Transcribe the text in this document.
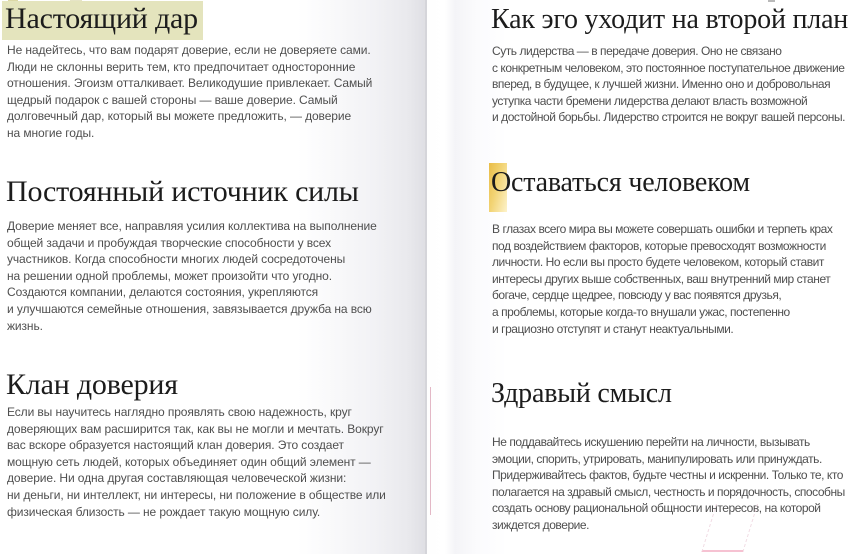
Настоящий дар

Не надейтесь, что вам подарят доверие, если не доверяете сами.
Люди не склонны верить тем, кто предпочитает односторонние
отношения. Эгоизм отталкивает. Великодушие привлекает. Самый
щедрый подарок с вашей стороны — ваше доверие. Самый
долговечный дар, который вы можете предложить, — доверие
на многие годы.

Постоянный источник силы

Доверие меняет все, направляя усилия коллектива на выполнение
общей задачи и пробуждая творческие способности у всех
участников. Когда способности многих людей сосредоточены
на решении одной проблемы, может произойти что угодно.
Создаются компании, делаются состояния, укрепляются
и улучшаются семейные отношения, завязывается дружба на всю
жизнь.

Клан доверия

Если вы научитесь наглядно проявлять свою надежность, круг
доверяющих вам расширится так, как вы не могли и мечтать. Вокруг
вас вскоре образуется настоящий клан доверия. Это создает
мощную сеть людей, которых объединяет один общий элемент —
доверие. Ни одна другая составляющая человеческой жизни:
ни деньги, ни интеллект, ни интересы, ни положение в обществе или
физическая близость — не рождает такую мощную силу.

Как эго уходит на второй план

Суть лидерства — в передаче доверия. Оно не связано
с конкретным человеком, это постоянное поступательное движение
вперед, в будущее, к лучшей жизни. Именно оно и добровольная
уступка части бремени лидерства делают власть возможной
и достойной борьбы. Лидерство строится не вокруг вашей персоны.

Оставаться человеком

В глазах всего мира вы можете совершать ошибки и терпеть крах
под воздействием факторов, которые превосходят возможности
личности. Но если вы просто будете человеком, который ставит
интересы других выше собственных, ваш внутренний мир станет
богаче, сердце щедрее, повсюду у вас появятся друзья,
а проблемы, которые когда-то внушали ужас, постепенно
и грациозно отступят и станут неактуальными.

Здравый смысл

Не поддавайтесь искушению перейти на личности, вызывать
эмоции, спорить, утрировать, манипулировать или принуждать.
Придерживайтесь фактов, будьте честны и искренни. Только те, кто
полагается на здравый смысл, честность и порядочность, способны
создать основу рациональной общности интересов, на которой
зиждется доверие.
